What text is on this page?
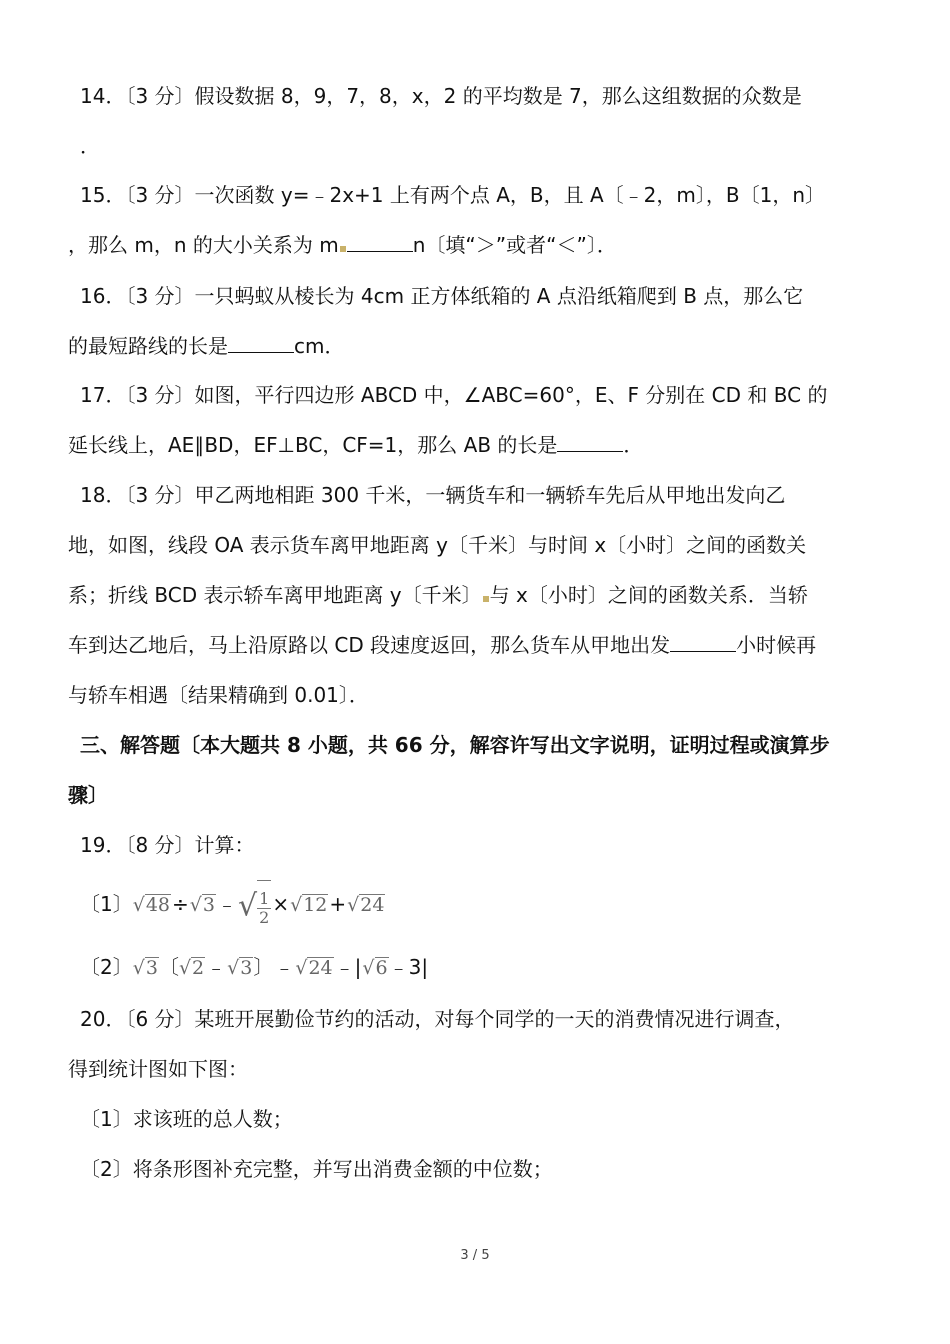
14．〔3 分〕假设数据 8，9，7，8，x，2 的平均数是 7，那么这组数据的众数是
．
15．〔3 分〕一次函数 y=﹣2x+1 上有两个点 A，B，且 A〔﹣2，m〕，B〔1，n〕
，那么 m，n 的大小关系为 m	n〔填“＞”或者“＜”〕．
16．〔3 分〕一只蚂蚁从棱长为 4cm 正方体纸箱的 A 点沿纸箱爬到 B 点，那么它
的最短路线的长是	cm．
17．〔3 分〕如图，平行四边形 ABCD 中，∠ABC=60°，E、F 分别在 CD 和 BC 的
延长线上，AE∥BD，EF⊥BC，CF=1，那么 AB 的长是	．
18．〔3 分〕甲乙两地相距 300 千米，一辆货车和一辆轿车先后从甲地出发向乙
地，如图，线段 OA 表示货车离甲地距离 y〔千米〕与时间 x〔小时〕之间的函数关
系；折线 BCD 表示轿车离甲地距离 y〔千米〕 与 x〔小时〕之间的函数关系．当轿
车到达乙地后，马上沿原路以 CD 段速度返回，那么货车从甲地出发	小时候再
与轿车相遇〔结果精确到 0.01〕．
三、解答题〔本大题共 8 小题，共 66 分，解容许写出文字说明，证明过程或演算步
骤〕
19．〔8 分〕计算：
〔1〕√48 ÷√3 ﹣√ $\frac{1}{2} \times√12 +√24$
〔2〕√3〔√2 ﹣√3〕﹣√24 ﹣|√6﹣3|
20．〔6 分〕某班开展勤俭节约的活动，对每个同学的一天的消费情况进行调查，
得到统计图如下图：
〔1〕求该班的总人数；
〔2〕将条形图补充完整，并写出消费金额的中位数；
3 / 5
